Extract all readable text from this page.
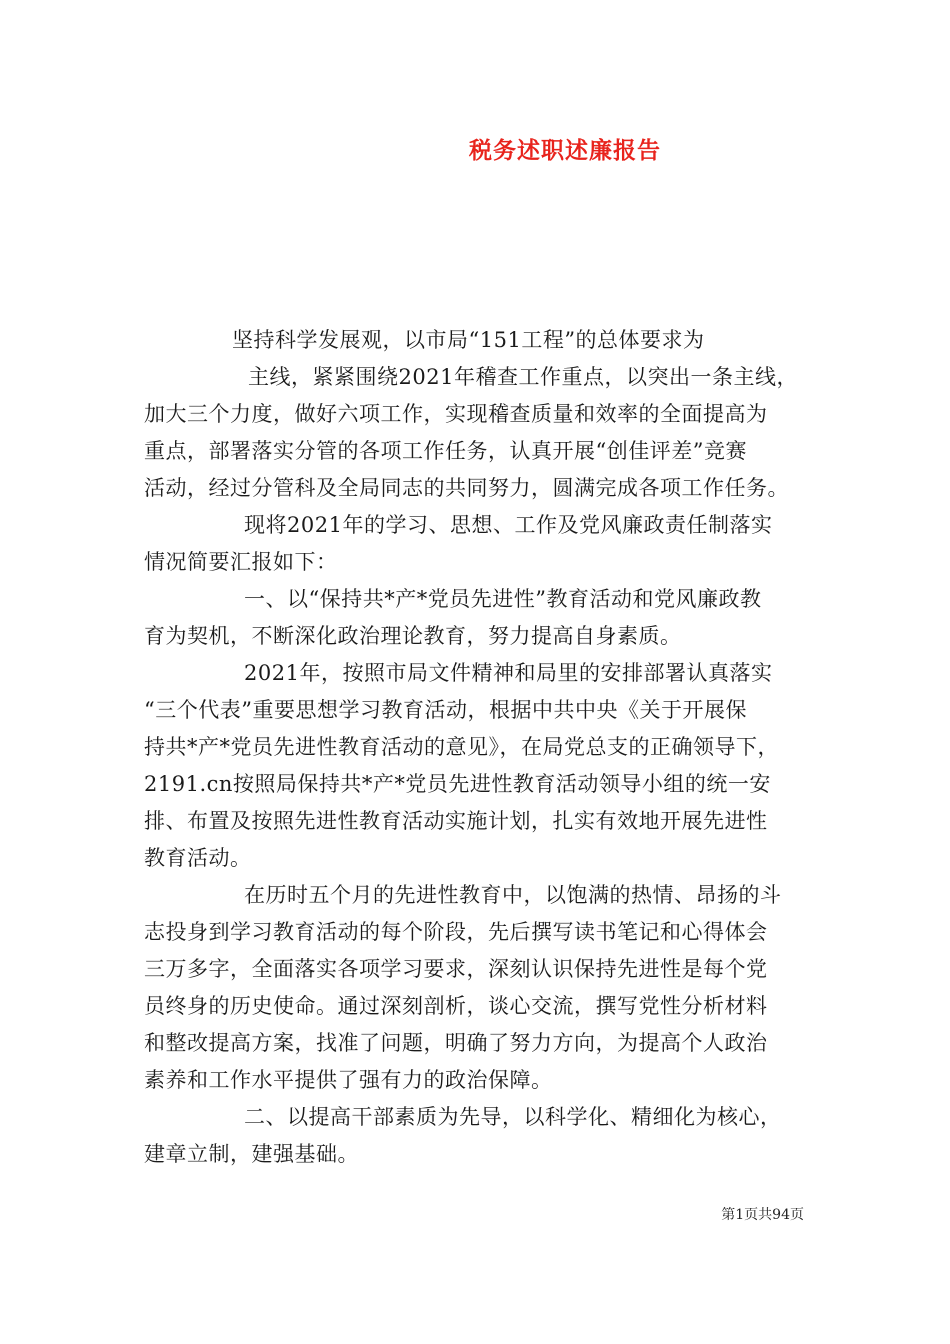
税务述职述廉报告
坚持科学发展观，以市局“151工程”的总体要求为
主线，紧紧围绕2021年稽查工作重点，以突出一条主线，
加大三个力度，做好六项工作，实现稽查质量和效率的全面提高为
重点，部署落实分管的各项工作任务，认真开展“创佳评差”竞赛
活动，经过分管科及全局同志的共同努力，圆满完成各项工作任务。
现将2021年的学习、思想、工作及党风廉政责任制落实
情况简要汇报如下：
一、以“保持共*产*党员先进性”教育活动和党风廉政教
育为契机，不断深化政治理论教育，努力提高自身素质。
2021年，按照市局文件精神和局里的安排部署认真落实
“三个代表”重要思想学习教育活动，根据中共中央《关于开展保
持共*产*党员先进性教育活动的意见》，在局党总支的正确领导下，
2191.cn按照局保持共*产*党员先进性教育活动领导小组的统一安
排、布置及按照先进性教育活动实施计划，扎实有效地开展先进性
教育活动。
在历时五个月的先进性教育中，以饱满的热情、昂扬的斗
志投身到学习教育活动的每个阶段，先后撰写读书笔记和心得体会
三万多字，全面落实各项学习要求，深刻认识保持先进性是每个党
员终身的历史使命。通过深刻剖析，谈心交流，撰写党性分析材料
和整改提高方案，找准了问题，明确了努力方向，为提高个人政治
素养和工作水平提供了强有力的政治保障。
二、以提高干部素质为先导，以科学化、精细化为核心，
建章立制，建强基础。
第1页共94页
